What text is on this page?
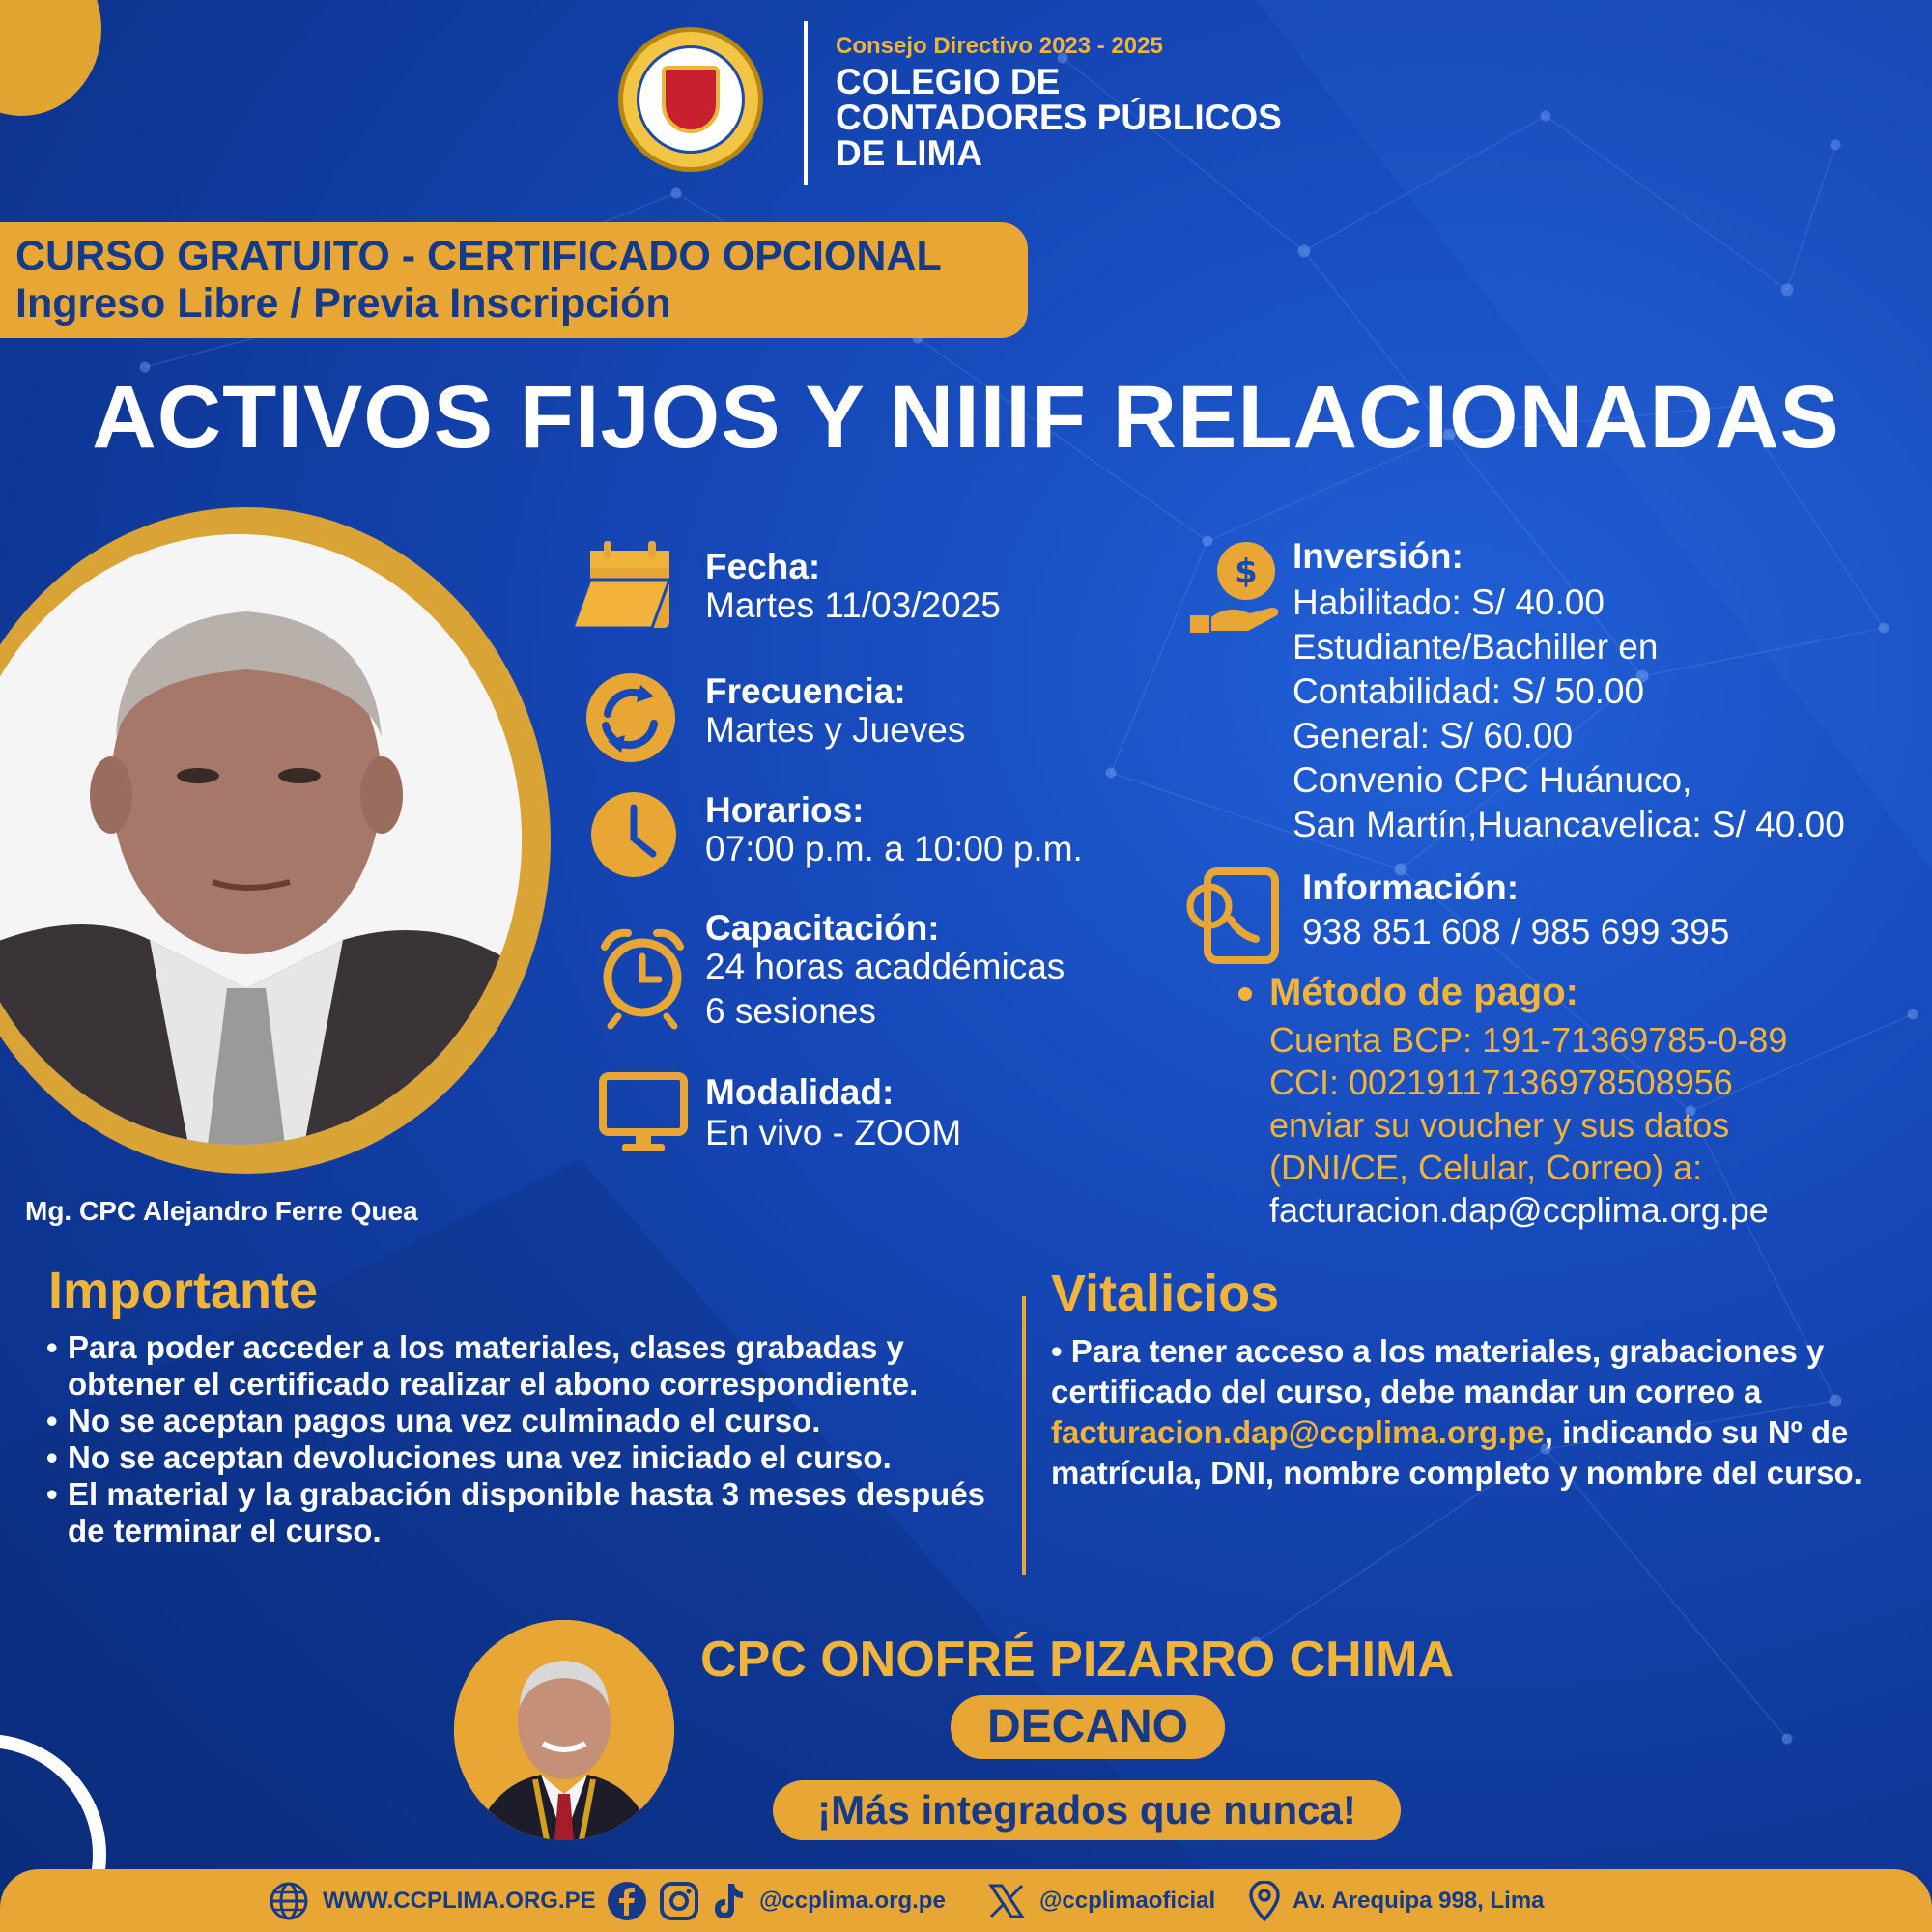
Consejo Directivo 2023 - 2025
COLEGIO DE
CONTADORES PÚBLICOS
DE LIMA
CURSO GRATUITO - CERTIFICADO OPCIONAL
Ingreso Libre / Previa Inscripción
ACTIVOS FIJOS Y NIIIF RELACIONADAS
Mg. CPC Alejandro Ferre Quea
Fecha:
Martes 11/03/2025
Frecuencia:
Martes y Jueves
Horarios:
07:00 p.m. a 10:00 p.m.
Capacitación:
24 horas acaddémicas
6 sesiones
Modalidad:
En vivo - ZOOM
$ Inversión:
Habilitado: S/ 40.00
Estudiante/Bachiller en
Contabilidad: S/ 50.00
General: S/ 60.00
Convenio CPC Huánuco,
San Martín,Huancavelica: S/ 40.00
Información:
938 851 608 / 985 699 395
Método de pago:
Cuenta BCP: 191-71369785-0-89
CCI: 00219117136978508956
enviar su voucher y sus datos
(DNI/CE, Celular, Correo) a:
facturacion.dap@ccplima.org.pe
Importante
• Para poder acceder a los materiales, clases grabadas y obtener el certificado realizar el abono correspondiente.
• No se aceptan pagos una vez culminado el curso.
• No se aceptan devoluciones una vez iniciado el curso.
• El material y la grabación disponible hasta 3 meses después de terminar el curso.
Vitalicios
• Para tener acceso a los materiales, grabaciones y certificado del curso, debe mandar un correo a facturacion.dap@ccplima.org.pe, indicando su Nº de matrícula, DNI, nombre completo y nombre del curso.
CPC ONOFRÉ PIZARRO CHIMA
DECANO
¡Más integrados que nunca!
WWW.CCPLIMA.ORG.PE	@ccplima.org.pe	@ccplimaoficial	Av. Arequipa 998, Lima
